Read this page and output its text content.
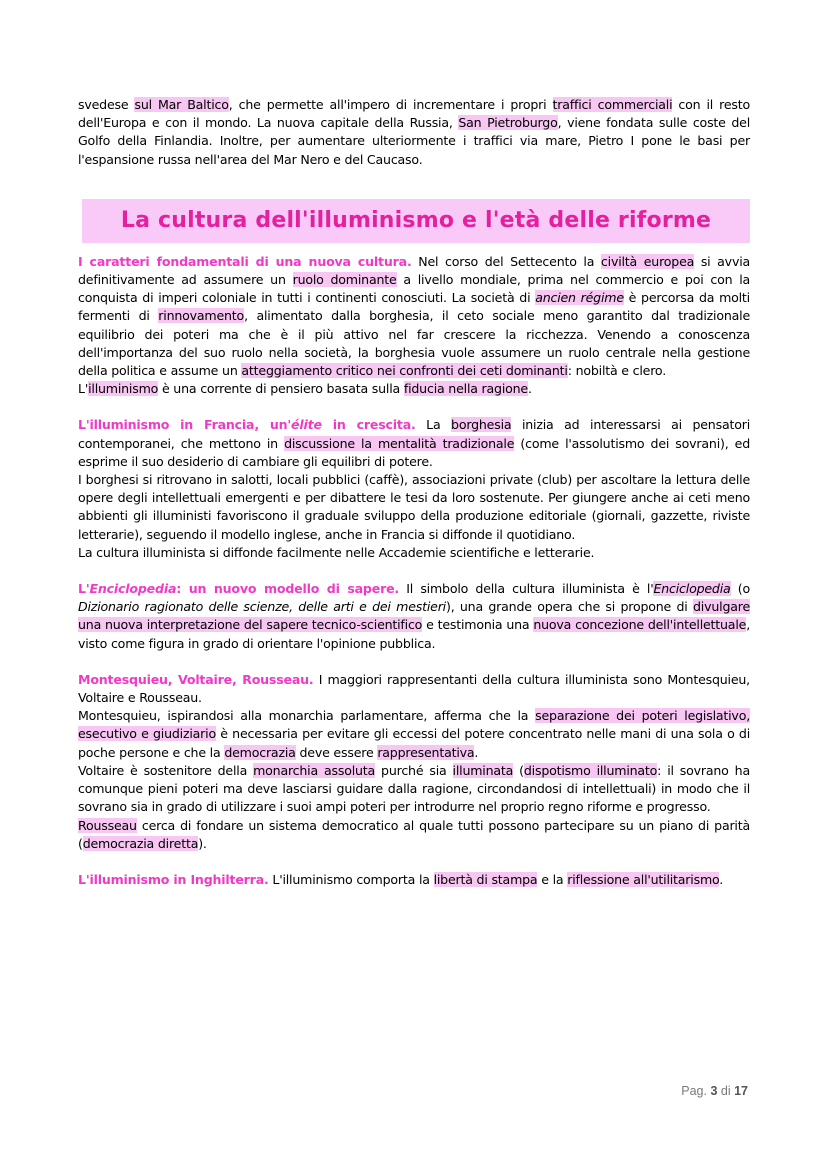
svedese sul Mar Baltico, che permette all'impero di incrementare i propri traffici commerciali con il resto dell'Europa e con il mondo. La nuova capitale della Russia, San Pietroburgo, viene fondata sulle coste del Golfo della Finlandia. Inoltre, per aumentare ulteriormente i traffici via mare, Pietro I pone le basi per l'espansione russa nell'area del Mar Nero e del Caucaso.

La cultura dell'illuminismo e l'età delle riforme

I caratteri fondamentali di una nuova cultura. Nel corso del Settecento la civiltà europea si avvia definitivamente ad assumere un ruolo dominante a livello mondiale, prima nel commercio e poi con la conquista di imperi coloniale in tutti i continenti conosciuti. La società di ancien régime è percorsa da molti fermenti di rinnovamento, alimentato dalla borghesia, il ceto sociale meno garantito dal tradizionale equilibrio dei poteri ma che è il più attivo nel far crescere la ricchezza. Venendo a conoscenza dell'importanza del suo ruolo nella società, la borghesia vuole assumere un ruolo centrale nella gestione della politica e assume un atteggiamento critico nei confronti dei ceti dominanti: nobiltà e clero.

L'illuminismo è una corrente di pensiero basata sulla fiducia nella ragione.

L'illuminismo in Francia, un'élite in crescita. La borghesia inizia ad interessarsi ai pensatori contemporanei, che mettono in discussione la mentalità tradizionale (come l'assolutismo dei sovrani), ed esprime il suo desiderio di cambiare gli equilibri di potere.

I borghesi si ritrovano in salotti, locali pubblici (caffè), associazioni private (club) per ascoltare la lettura delle opere degli intellettuali emergenti e per dibattere le tesi da loro sostenute. Per giungere anche ai ceti meno abbienti gli illuministi favoriscono il graduale sviluppo della produzione editoriale (giornali, gazzette, riviste letterarie), seguendo il modello inglese, anche in Francia si diffonde il quotidiano.

La cultura illuminista si diffonde facilmente nelle Accademie scientifiche e letterarie.

L'Enciclopedia: un nuovo modello di sapere. Il simbolo della cultura illuminista è l'Enciclopedia (o Dizionario ragionato delle scienze, delle arti e dei mestieri), una grande opera che si propone di divulgare una nuova interpretazione del sapere tecnico-scientifico e testimonia una nuova concezione dell'intellettuale, visto come figura in grado di orientare l'opinione pubblica.

Montesquieu, Voltaire, Rousseau. I maggiori rappresentanti della cultura illuminista sono Montesquieu, Voltaire e Rousseau.

Montesquieu, ispirandosi alla monarchia parlamentare, afferma che la separazione dei poteri legislativo, esecutivo e giudiziario è necessaria per evitare gli eccessi del potere concentrato nelle mani di una sola o di poche persone e che la democrazia deve essere rappresentativa.

Voltaire è sostenitore della monarchia assoluta purché sia illuminata (dispotismo illuminato: il sovrano ha comunque pieni poteri ma deve lasciarsi guidare dalla ragione, circondandosi di intellettuali) in modo che il sovrano sia in grado di utilizzare i suoi ampi poteri per introdurre nel proprio regno riforme e progresso.

Rousseau cerca di fondare un sistema democratico al quale tutti possono partecipare su un piano di parità (democrazia diretta).

L'illuminismo in Inghilterra. L'illuminismo comporta la libertà di stampa e la riflessione all'utilitarismo.

Pag. 3 di 17
